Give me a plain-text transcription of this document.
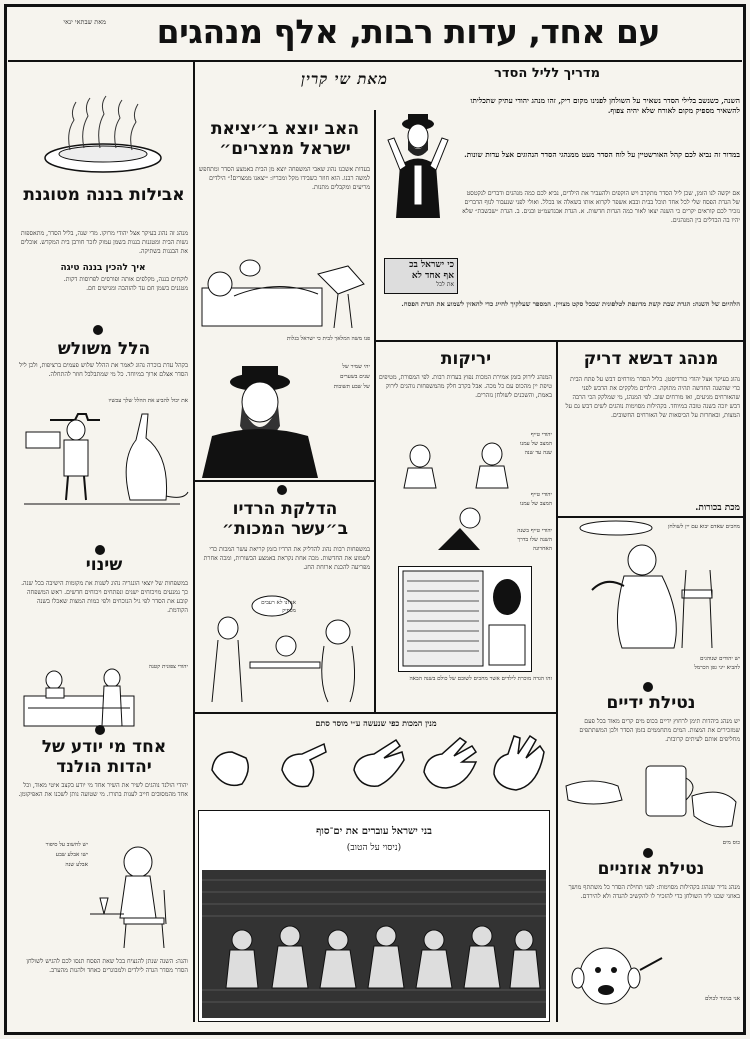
עם אחד, עדות רבות, אלף מנהגים
מאת שבתאי ינאי
מדריך לליל הסדר
מאת שי קרין
השנה, כשנשב בלילי הסדר נשאיר על השולחן לפנינו מקום ריק, זהו מנהג יהודי עתיק שתכליתו להשאיר מספיק מקום לאורח שלא יהיה צפוף.
במדור זה נביא לכם קהל האורשטיין על לוח הסדר מעט ממנהגי הסדר הנהוגים אצל עדות שונות.
אם יקשה לנו הזמן, שכן ליל הסדר מתקרב ויש הוקפים ולהעביר את הילדים, נביא לכם כמה מנהגים ודברים לנקטסט של הגדת הפסח שלי לכל אחד תוכל בבית ובבא אשפר לקרוא אותו בשאלה או בכלל. ואולי לפני שנעבור לנוף הדברים נזכיר לכם קוראים יקרים כי השנה יצאו לאור כמה הגדות חדשות. א. הגדת אבגדעמ״ט ובנים. ב. הגדת ״שבשבת״ שלא יהיו בה הבדלים בין המנהגים.
הלהיום של השנה: הגדת שבת קשת מדונפת לטלפונית שבכל סקט מצויין. המספר שעלקיך לחייג כדי להאזין לשמוע את הגדת הפסח.
כי ישראל בכ
אף אחד לא
את לכל
אבילות בננה מטוגנת
מנהג זה נהוג בעיקר אצל יהודי מרוקו. מדי שנה, בליל הסדר, מתאספות נשות הבית ומטגנות בננות בשמן עמוק לזכר חורבן בית המקדש. אוכלים את הבננות בשתיקה.
איך להכין בננה טיגה
לוקחים בננה, מקלפים אותה ופורסים לפרוסות דקות. מטגנים בשמן חם עד להזהבה ומגישים חם.
הלל משולש
בקהל עדת בוכרה נהוג לאמר את ההלל שלוש פעמים ברציפות, ולכן ליל הסדר אצלם ארוך במיוחד. כל מי שמתבלבל חוזר להתחלה.
את יכול להביע את ההלל שלך עכשיו
שינוי
במשפחות של יוצאי הונגריה נהוג לשנות את מקומות הישיבה בכל שנה. כך נמנעים מויכוחים ישנים ונפתחים ויכוחים חדשים. ראש המשפחה קובע את הסדר לפי גיל הנוכחים ולפי כמות המצות שאכלו בשנה הקודמת.
יהודי צפונית קטנה
אחד מי יודע של יהדות הולנד
יהודי הולנד נוהגים לשיר את השיר אחד מי יודע בקצב איטי מאוד, וכל אחד מהמסובים חייב לענות בתורו. מי שטועה נותן לשכנו את האפיקומן.
יש לחשוב על סיפור
ישו אבלע שבע
אבלע שנה
והנה: השנה שנתן להנציח בכל שאת הפסח תנסו לכם להגיש לשולחן הסדר מסדר הגדה לילדים ולמבוגרים כאחד ולהנות מהערב.
האב יוצא ב״יציאת
ישראל ממצרים״
בעדות אשכנז נהוג שאבי המשפחה יוצא מן הבית באמצע הסדר ומתחפש למשה רבנו. הוא חוזר כשבידו מקל ומכריז: ״יצאנו ממצרים!״ הילדים מריעים ומקבלים מתנות.
פנו משה המלאך לבית כי ישראל בגלות
יהי שמיר של
שנים בשערים
של שבע תשובות
הדלקת הרדיו
ב״עשר המכות״
במשפחות רבות נהוג להדליק את הרדיו בזמן קריאת עשר המכות כדי לשמוע את החדשות. מכה אחת נקראת באמצע הבשורות, ומכה אחרת מפריעה להכנת ארוחת החג.
אנחנו לא רעבים מספיק
יריקות
המנהג לירוק בזמן אמירת המכות נפוץ בעדות רבות. לפי המסורת, מטיפים טיפת יין מהכוס עם כל מכה. אבל בקרב חלק מהמשפחות נוהגים לירוק באמת, והשכנים לשולחן נזהרים.
יהודי טייף
המצב של עמנו
שנה עד שנה
יהודי טייף
המצב של עמנו
יהודי טייף בשנה
השנה שלו בדרך
האחרונה
זהו הגדה מוכרת לילדים אשר מחכים לשובם של כולם בשנה הבאה
מנהג דבשא דריק
נהוג בעיקר אצל יהודי כורדיסטן. בליל הסדר מורחים דבש על פתח הבית כדי שהשנה החדשה תהיה מתוקה. הילדים מלקקים את הדבש לפני שהאורחים מגיעים, ואז מורחים שוב. לפי המנהג, מי שמלקק הכי הרבה דבש יזכה בשנה טובה במיוחד. בקהילות מסוימות נוהגים לשים דבש גם על המצות, ובאחרות על הכיסאות של האורחים החשובים.
מכת בכורות.
מחכים שאדם יבוא עם יין לשולחן
יש יהודים שנוהגים
להביא ייני גפן הכרמל
נטילת ידיים
יש מנהג ביהדות תימן לרחוץ ידיים בכוס מים קרים מאוד בכל פעם שמזכירים את המצות. המים מתחממים בזמן הסדר ולכן המשתתפים מחליפים אותם לעיתים קרובות.
כוס מים
נטילת אוזניים
מנהג נדיר שנהוג בקהילות מסוימות: לפני תחילת הסדר כל משתתף מושך באוזני שכנו ליד השולחן כדי להזכיר לו להקשיב להגדה ולא להירדם.
אני בניגוד לכולם
מנין המכות כפי שנעשה ע״י מוסר סתם
בני ישראל עוברים את ים־סוף
(ניסוי על הטוב)
